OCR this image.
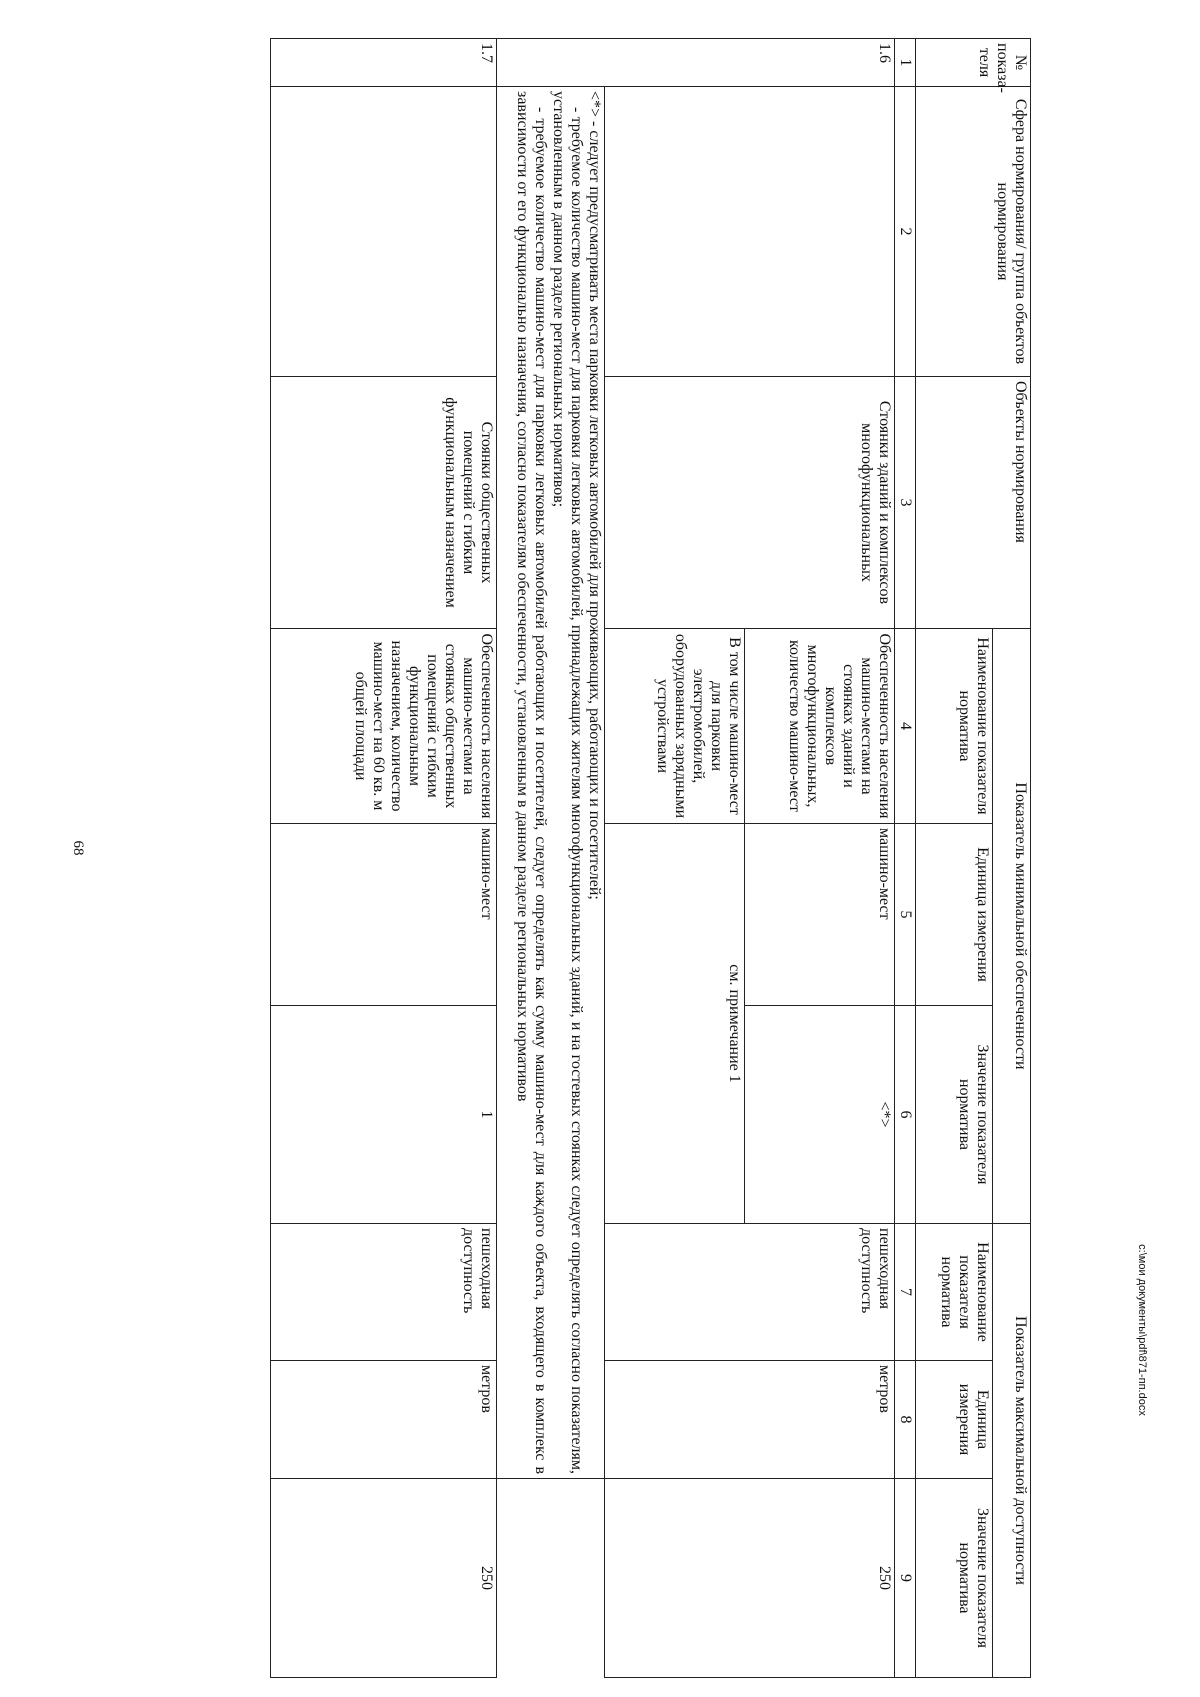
68
№ показа-теля	Сфера нормирования/ группа объектов нормирования	Объекты нормирования	Показатель минимальной обеспеченности			Показатель максимальной доступности		
			Наименование показателя норматива	Единица измерения	Значение показателя норматива	Наименование показателя норматива	Единица измерения	Значение показателя норматива
1	2	3	4	5	6	7	8	9
1.6		Стоянки зданий и комплексов многофункциональных	Обеспеченность населения машино-местами на стоянках зданий и комплексов многофункциональных, количество машино-мест	машино-мест	<*>	пешеходная доступность	метров	250
			В том числе машино-мест для парковки электромобилей, оборудованных зарядными устройствами	см. примечание 1				

	<*> - следует предусматривать места парковки легковых автомобилей для проживающих, работающих и посетителей;
- требуемое количество машино-мест для парковки легковых автомобилей, принадлежащих жителям многофункциональных зданий, и на гостевых стоянках следует определять согласно показателям, установленным в данном разделе региональных нормативов;
- требуемое количество машино-мест для парковки легковых автомобилей работающих и посетителей, следует определять как сумму машино-мест для каждого объекта, входящего в комплекс в зависимости от его функционально назначения, согласно показателям обеспеченности, установленным в данном разделе региональных нормативов							

1.7		Стоянки общественных помещений с гибким функциональным назначением	Обеспеченность населения машино-местами на стоянках общественных помещений с гибким функциональным назначением, количество машино-мест на 60 кв. м общей площади	машино-мест	1	пешеходная доступность	метров	250
c:\мои документы\pdf\871-пп.docx
